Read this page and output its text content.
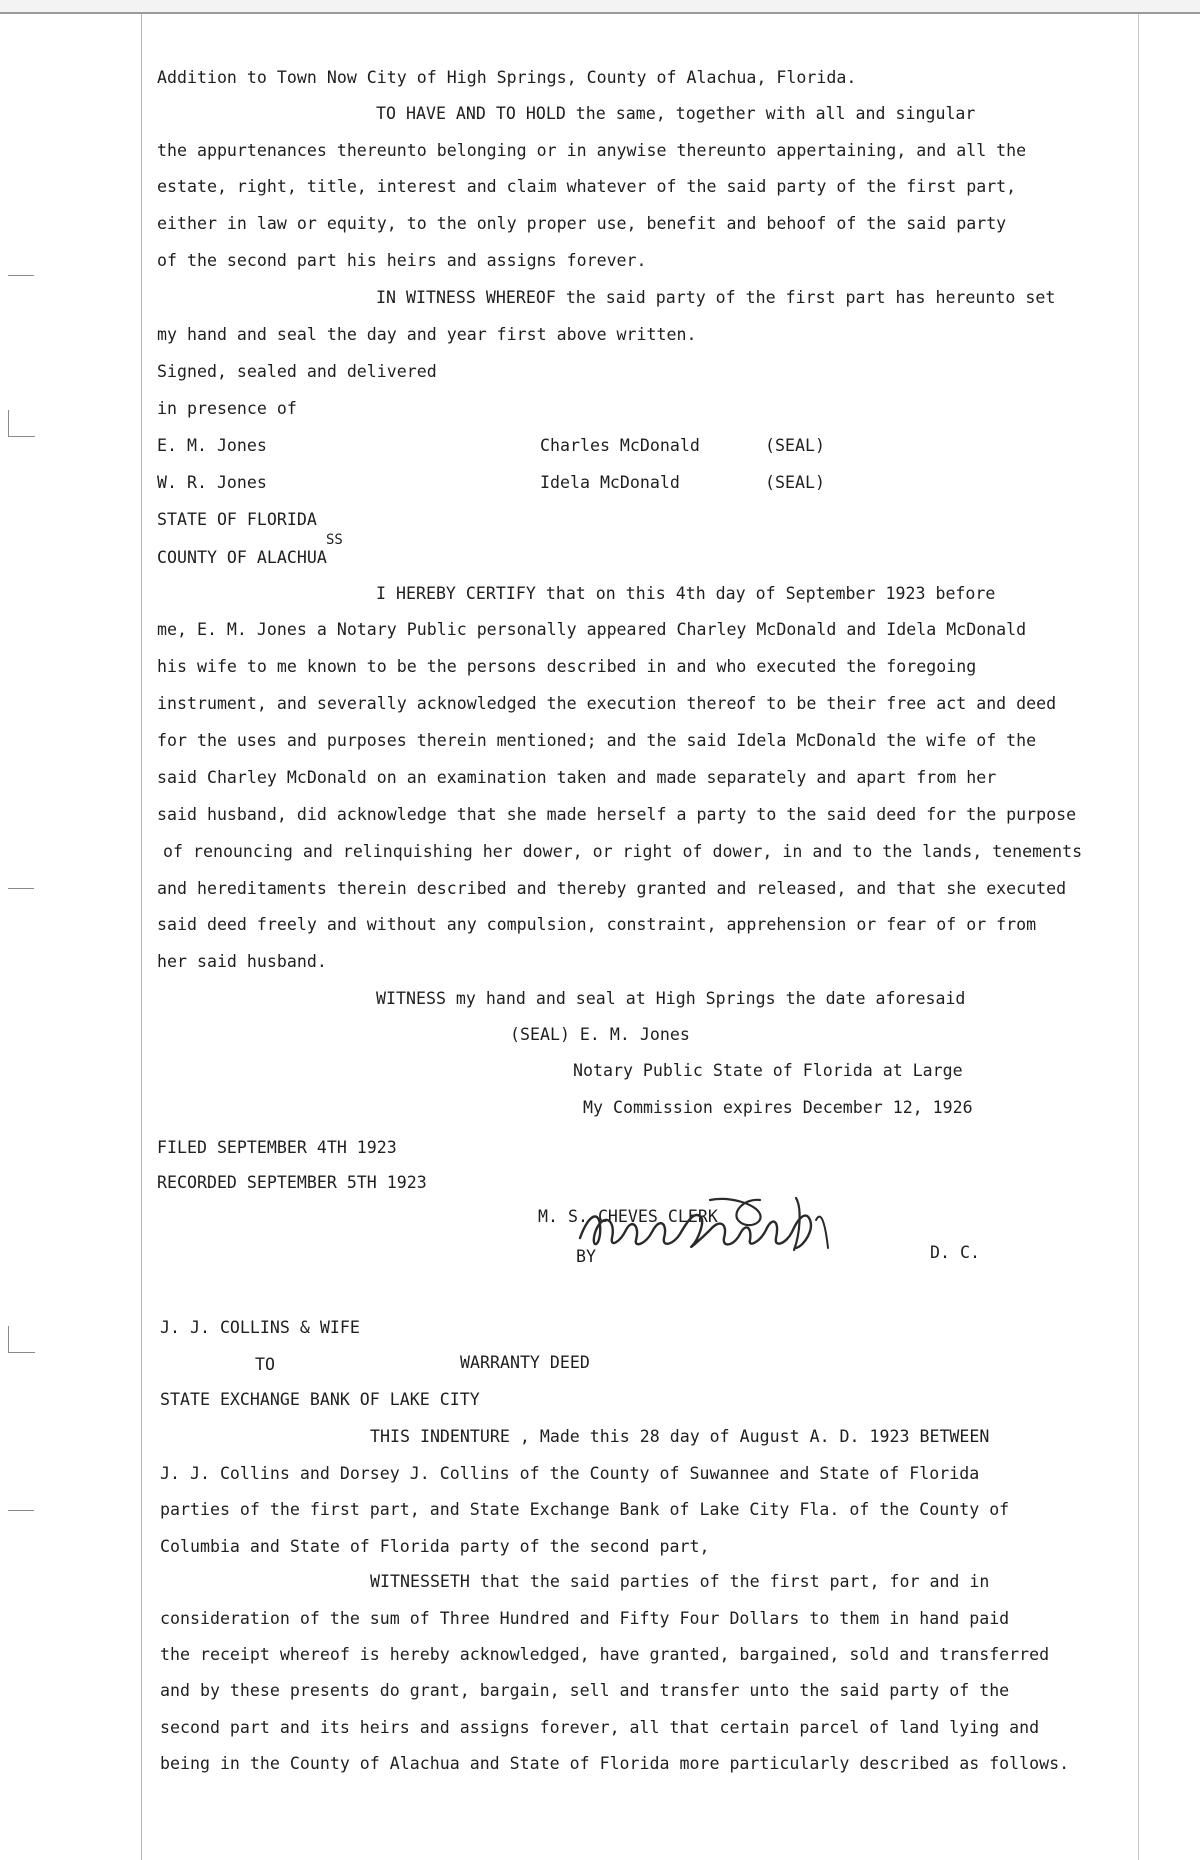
Addition to Town Now City of High Springs, County of Alachua, Florida.
TO HAVE AND TO HOLD the same, together with all and singular
the appurtenances thereunto belonging or in anywise thereunto appertaining, and all the
estate, right, title, interest and claim whatever of the said party of the first part,
either in law or equity, to the only proper use, benefit and behoof of the said party
of the second part his heirs and assigns forever.
IN WITNESS WHEREOF the said party of the first part has hereunto set
my hand and seal the day and year first above written.
Signed, sealed and delivered
in presence of
E. M. Jones	Charles McDonald	(SEAL)
W. R. Jones	Idela McDonald	(SEAL)
STATE OF FLORIDA
SS
COUNTY OF ALACHUA
I HEREBY CERTIFY that on this 4th day of September 1923 before
me, E. M. Jones a Notary Public personally appeared Charley McDonald and Idela McDonald
his wife to me known to be the persons described in and who executed the foregoing
instrument, and severally acknowledged the execution thereof to be their free act and deed
for the uses and purposes therein mentioned; and the said Idela McDonald the wife of the
said Charley McDonald on an examination taken and made separately and apart from her
said husband, did acknowledge that she made herself a party to the said deed for the purpose
of renouncing and relinquishing her dower, or right of dower, in and to the lands, tenements
and hereditaments therein described and thereby granted and released, and that she executed
said deed freely and without any compulsion, constraint, apprehension or fear of or from
her said husband.
WITNESS my hand and seal at High Springs the date aforesaid
(SEAL) E. M. Jones
Notary Public State of Florida at Large
My Commission expires December 12, 1926
FILED SEPTEMBER 4TH 1923
RECORDED SEPTEMBER 5TH 1923
M. S. CHEVES CLERK
BY	D. C.
J. J. COLLINS & WIFE
TO	WARRANTY DEED
STATE EXCHANGE BANK OF LAKE CITY
THIS INDENTURE , Made this 28 day of August A. D. 1923 BETWEEN
J. J. Collins and Dorsey J. Collins of the County of Suwannee and State of Florida
parties of the first part, and State Exchange Bank of Lake City Fla. of the County of
Columbia and State of Florida party of the second part,
WITNESSETH that the said parties of the first part, for and in
consideration of the sum of Three Hundred and Fifty Four Dollars to them in hand paid
the receipt whereof is hereby acknowledged, have granted, bargained, sold and transferred
and by these presents do grant, bargain, sell and transfer unto the said party of the
second part and its heirs and assigns forever, all that certain parcel of land lying and
being in the County of Alachua and State of Florida more particularly described as follows.
